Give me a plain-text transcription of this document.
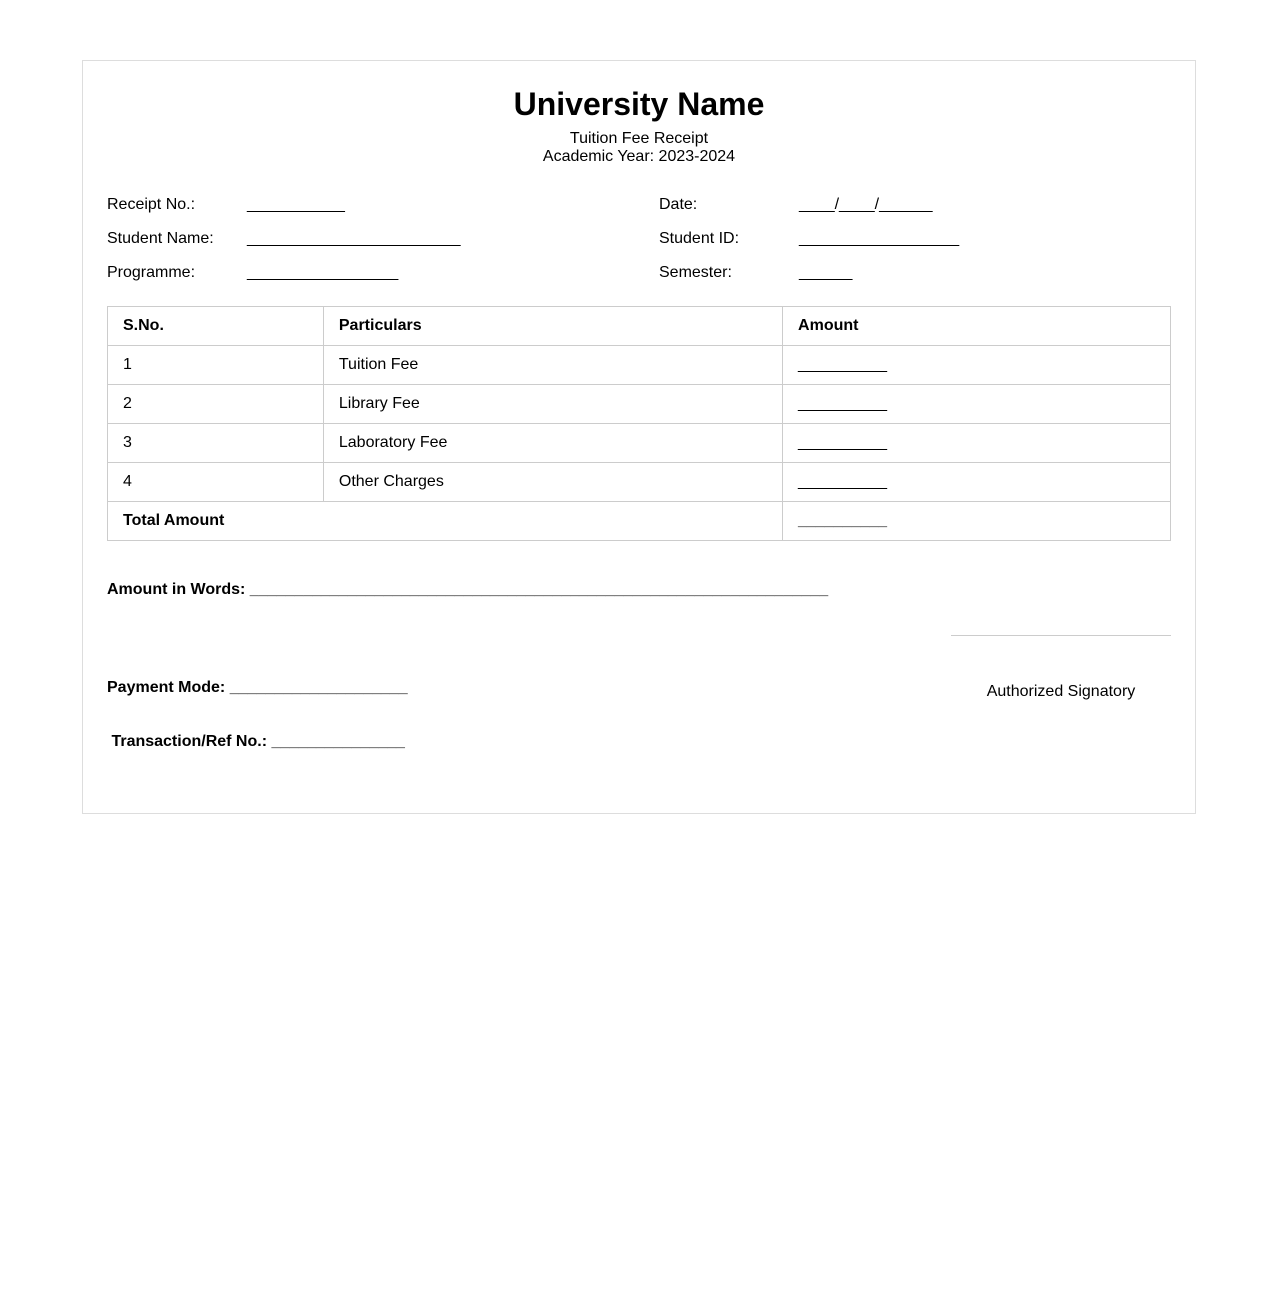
University Name
Tuition Fee Receipt
Academic Year: 2023-2024
Receipt No.:	___________	Date:	____/____/______
Student Name:	________________________	Student ID:	__________________
Programme:	_________________	Semester:	______
S.No.	Particulars	Amount
1	Tuition Fee	__________
2	Library Fee	__________
3	Laboratory Fee	__________
4	Other Charges	__________
Total Amount		__________
Amount in Words: _________________________________________________________________

Payment Mode: ____________________

Transaction/Ref No.: _______________

Authorized Signatory
